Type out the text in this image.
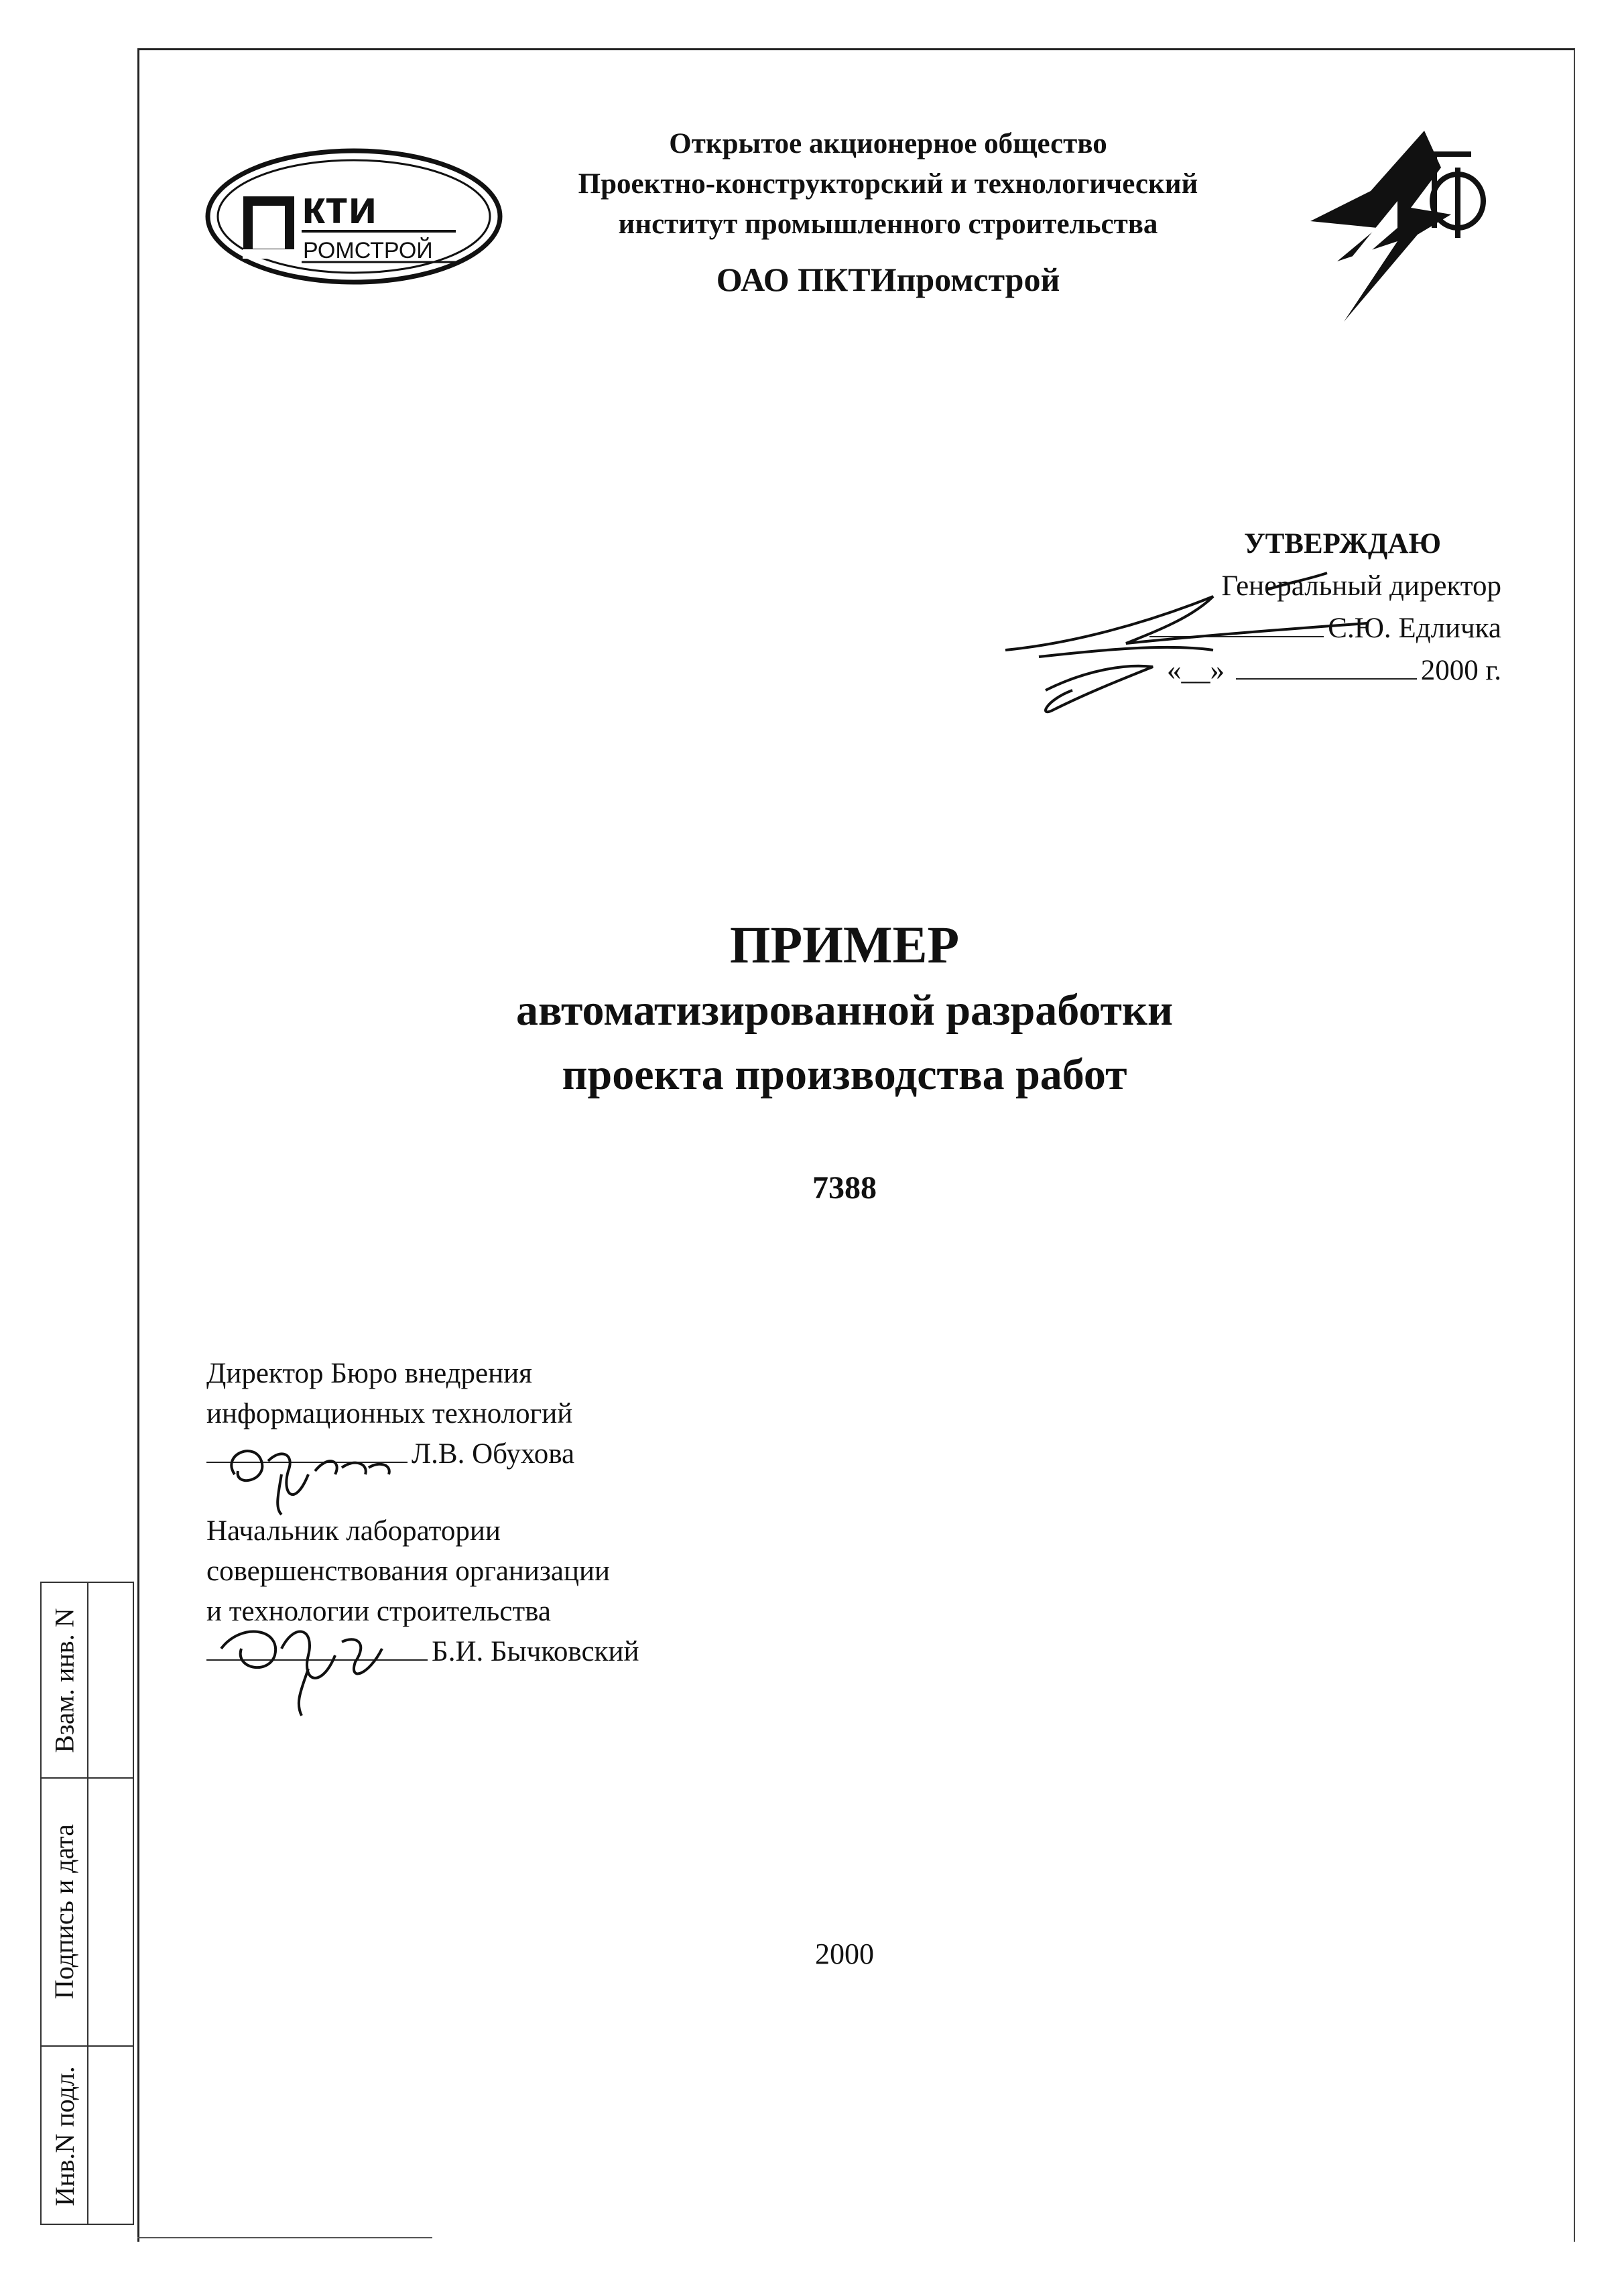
кти
РОМСТРОЙ
Открытое акционерное общество
Проектно-конструкторский и технологический
институт промышленного строительства
ОАО ПКТИпромстрой
УТВЕРЖДАЮ
Генеральный директор
С.Ю. Едличка
«__»	2000 г.
ПРИМЕР
автоматизированной разработки
проекта производства работ
7388
Директор Бюро внедрения
информационных технологий
Л.В. Обухова
Начальник лаборатории
совершенствования организации
и технологии строительства
Б.И. Бычковский
2000
Взам. инв. N
Подпись и дата
Инв.N подл.
